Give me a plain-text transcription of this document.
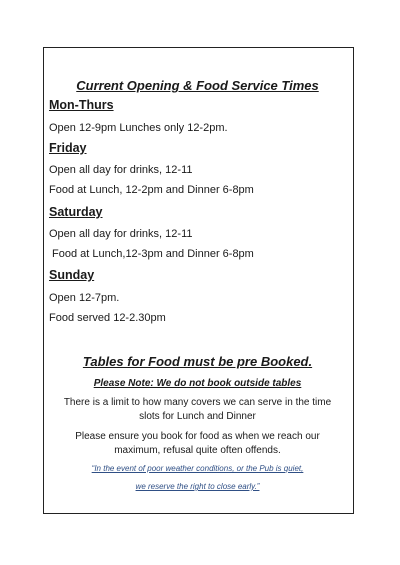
Current Opening & Food Service Times
Mon-Thurs
Open 12-9pm Lunches only 12-2pm.
Friday
Open all day for drinks, 12-11
Food at Lunch, 12-2pm and Dinner 6-8pm
Saturday
Open all day for drinks, 12-11
Food at Lunch,12-3pm and Dinner 6-8pm
Sunday
Open 12-7pm.
Food served 12-2.30pm
Tables for Food must be pre Booked.
Please Note: We do not book outside tables
There is a limit to how many covers we can serve in the time slots for Lunch and Dinner
Please ensure you book for food as when we reach our maximum, refusal quite often offends.
“In the event of poor weather conditions, or the Pub is quiet,
we reserve the right to close early.”
